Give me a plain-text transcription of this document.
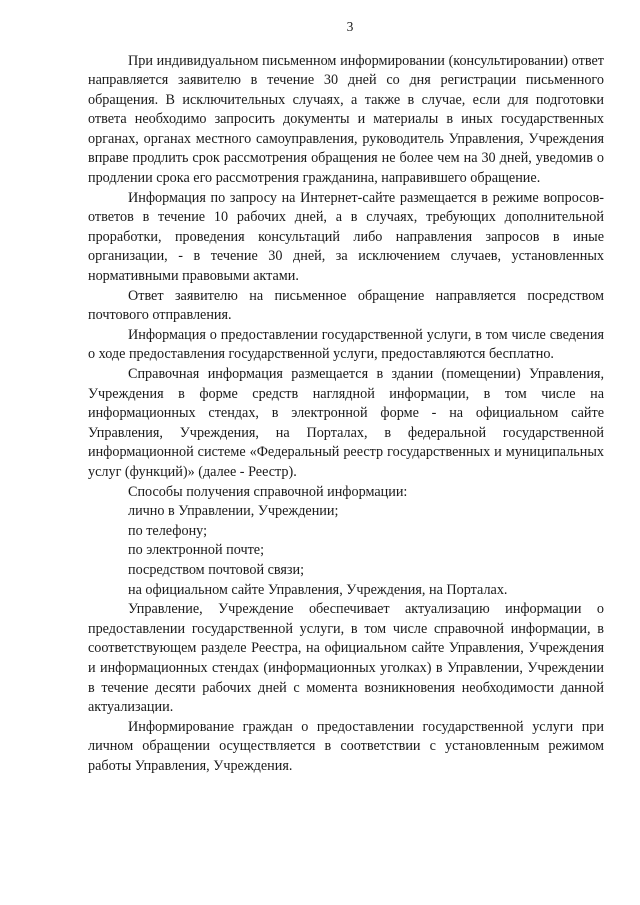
3

При индивидуальном письменном информировании (консультировании) ответ направляется заявителю в течение 30 дней со дня регистрации письменного обращения. В исключительных случаях, а также в случае, если для подготовки ответа необходимо запросить документы и материалы в иных государственных органах, органах местного самоуправления, руководитель Управления, Учреждения вправе продлить срок рассмотрения обращения не более чем на 30 дней, уведомив о продлении срока его рассмотрения гражданина, направившего обращение.

Информация по запросу на Интернет-сайте размещается в режиме вопросов-ответов в течение 10 рабочих дней, а в случаях, требующих дополнительной проработки, проведения консультаций либо направления запросов в иные организации, - в течение 30 дней, за исключением случаев, установленных нормативными правовыми актами.

Ответ заявителю на письменное обращение направляется посредством почтового отправления.

Информация о предоставлении государственной услуги, в том числе сведения о ходе предоставления государственной услуги, предоставляются бесплатно.

Справочная информация размещается в здании (помещении) Управления, Учреждения в форме средств наглядной информации, в том числе на информационных стендах, в электронной форме - на официальном сайте Управления, Учреждения, на Порталах, в федеральной государственной информационной системе «Федеральный реестр государственных и муниципальных услуг (функций)» (далее - Реестр).

Способы получения справочной информации:

лично в Управлении, Учреждении;

по телефону;

по электронной почте;

посредством почтовой связи;

на официальном сайте Управления, Учреждения, на Порталах.

Управление, Учреждение обеспечивает актуализацию информации о предоставлении государственной услуги, в том числе справочной информации, в соответствующем разделе Реестра, на официальном сайте Управления, Учреждения и информационных стендах (информационных уголках) в Управлении, Учреждении в течение десяти рабочих дней с момента возникновения необходимости данной актуализации.

Информирование граждан о предоставлении государственной услуги при личном обращении осуществляется в соответствии с установленным режимом работы Управления, Учреждения.
